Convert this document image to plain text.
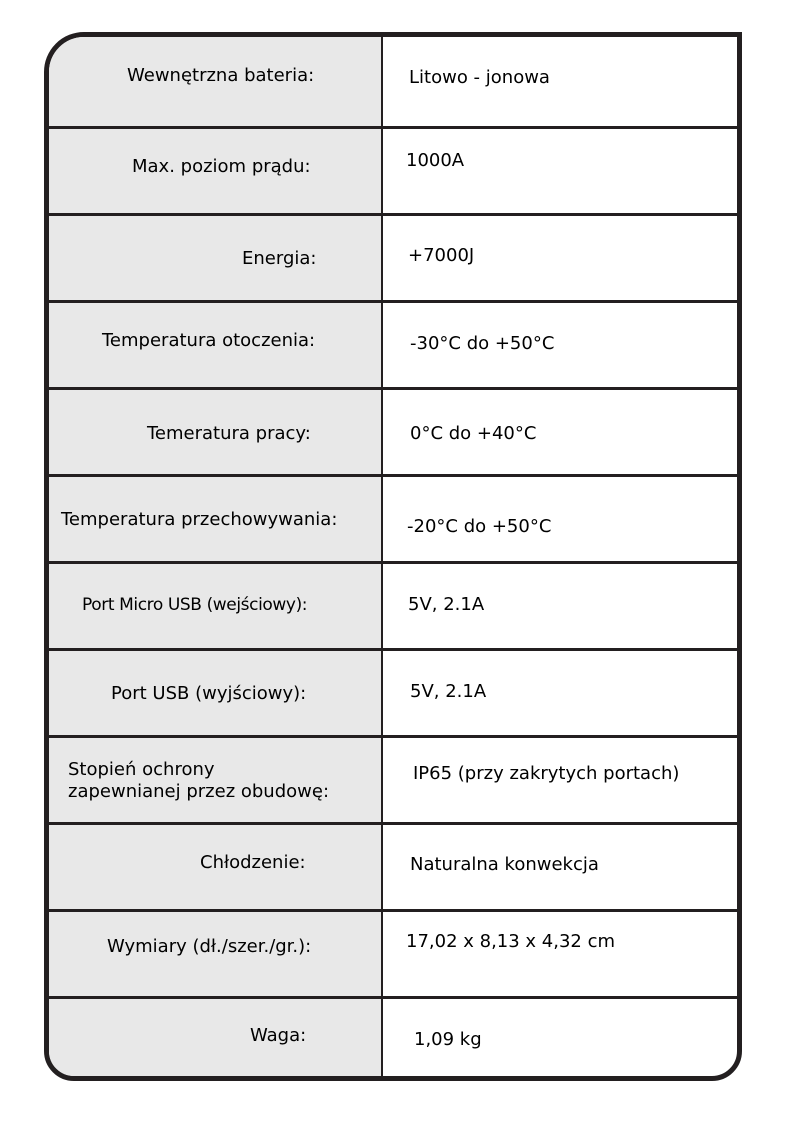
Wewnętrzna bateria:	Litowo - jonowa
Max. poziom prądu:	1000A
Energia:	+7000J
Temperatura otoczenia:	-30°C do +50°C
Temeratura pracy:	0°C do +40°C
Temperatura przechowywania:	-20°C do +50°C
Port Micro USB (wejściowy):	5V, 2.1A
Port USB (wyjściowy):	5V, 2.1A
Stopień ochrony
zapewnianej przez obudowę:
IP65 (przy zakrytych portach)
Chłodzenie:	Naturalna konwekcja
Wymiary (dł./szer./gr.):	17,02 x 8,13 x 4,32 cm
Waga:	1,09 kg
